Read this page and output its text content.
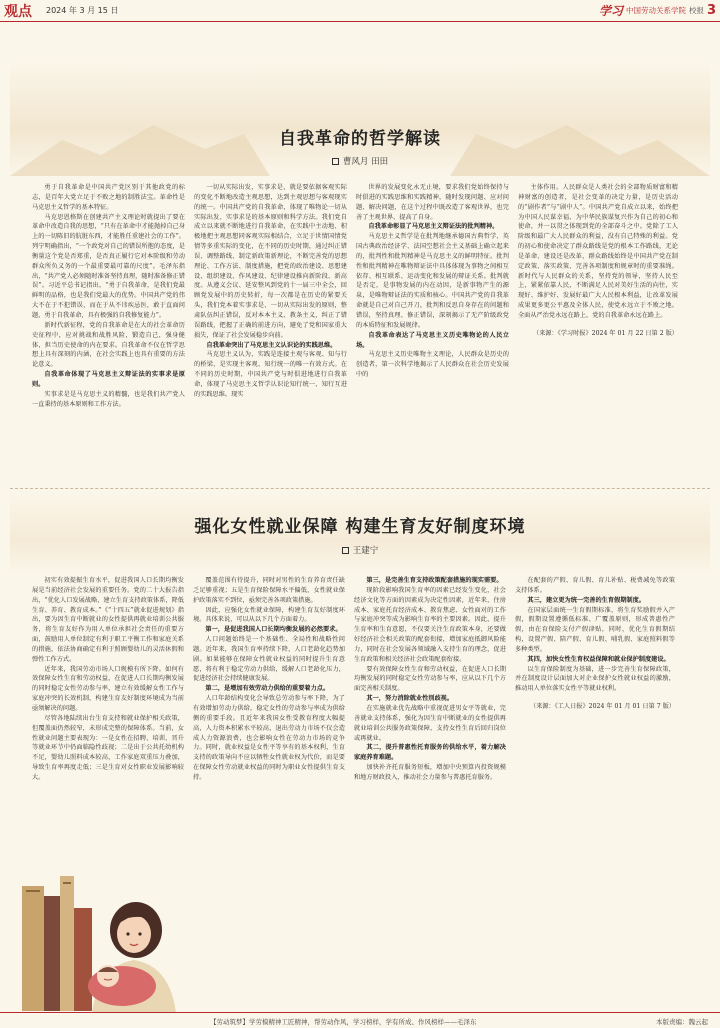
观点 2024 年 3 月 15 日	学习 中国劳动关系学院 校报 3
自我革命的哲学解读
曹风月 田田

勇于自我革命是中国共产党区别于其他政党的标志，是百年大党立足于不败之地的制胜法宝。革命性是马克思主义哲学的基本特征。

马克思恩格斯在创建共产主义理论时就提出了要在革命中改造自我的思想，“只有在革命中才能抛掉自己身上的一切陈旧的肮脏东西，才能胜任重建社会的工作”。列宁明确指出，“一个政党对自己的错误所抱的态度，是衡量这个党是否郑重，是否真正履行它对本阶级和劳动群众所负义务的一个最重要最可靠的尺度”。毛泽东指出，“共产党人必须随时准备坚持真理，随时准备修正错误”。习近平总书记指出，“勇于自我革命，是我们党最鲜明的品格，也是我们党最大的优势。中国共产党的伟大不在于不犯错误，而在于从不讳疾忌医，敢于直面问题，勇于自我革命，具有极强的自我修复能力”。

新时代新征程，党的自我革命是在大的社会革命历史征程中，应对挑战和战胜风险，锻造自己，强身健体，担当历史使命的内在要求。自我革命不仅在哲学思想上具有深刻的内涵，在社会实践上也具有重要的方法论意义。

自我革命体现了马克思主义辩证法的实事求是原则。

实事求是是马克思主义的精髓，也是我们共产党人一直秉持的基本原则和工作方法。

一切从实际出发，实事求是，就是要依据客观实际的变化不断地改造主观思想，达到主观思想与客观现实的统一。中国共产党的自我革命，体现了唯物论一切从实际出发、实事求是的基本原则和科学方法。我们党自成立以来就不断地进行自我革命，在实践中主动地、积极地把主观思想同客观实际相结合，立足于世情国情党情等多重实际的变化，在不同的历史时期，通过纠正错误、调整路线、制定新政策新理论，不断完善党的思想理论、工作方法、制度措施，把党的政治建设、思想建设、组织建设、作风建设、纪律建设推向新阶段、新高度。从遵义会议、延安整风到党的十一届三中全会，回顾党发展中的历史转折，每一次都是在历史的紧要关头，我们党本着实事求是、一切从实际出发的原则，整肃队伍纠正错误，反对本本主义、教条主义，纠正了错误路线，把握了正确的前进方向，避免了党和国家重大损失，保证了社会发展稳步向前。

自我革命突出了马克思主义认识论的实践思维。

马克思主义认为，实践是连接主观与客观、知与行的桥梁，是实现主客观、知行统一的唯一有效方式。在不同的历史时期，中国共产党与时俱进地进行自我革命，体现了马克思主义哲学认识论知行统一、知行互进的实践思维。现实

世界的发展变化永无止境，要求我们党始终保持与时俱进的实践思维和实践精神，随时发现问题、应对问题、解决问题，在这个过程中既改造了客观世界，也完善了主观世界，提高了自身。

自我革命彰显了马克思主义辩证法的批判精神。

马克思主义哲学是在批判地继承德国古典哲学、英国古典政治经济学、法国空想社会主义基础上确立起来的，批判性和批判精神是马克思主义的鲜明特征。批判性和批判精神在唯物辩证法中具体体现为事物之间相互依存、相互联系、运动变化和发展的辩证关系。批判就是否定，是事物发展的内在动因，是新事物产生的源泉，是唯物辩证法的实质和核心。中国共产党的自我革命就是自己对自己开刀，批判和反思自身存在的问题和错误，坚持真理、修正错误，深刻揭示了无产阶级政党的本质特征和发展规律。

自我革命表达了马克思主义历史唯物论的人民立场。

马克思主义历史唯物主义理论，人民群众是历史的创造者，第一次科学地揭示了人民群众在社会历史发展中的

主体作用。人民群众是人类社会的全部物质财富和精神财富的创造者，是社会变革的决定力量，是历史活动的“剧作者”与“剧中人”。中国共产党自成立以来，始终把为中国人民谋幸福、为中华民族谋复兴作为自己的初心和使命，并一以贯之体现到党的全部奋斗之中。党除了工人阶级和最广大人民群众的利益，没有自己特殊的利益。党的初心和使命决定了群众路线是党的根本工作路线，无论是革命、建设还是改革，群众路线始终是中国共产党在制定政策、落实政策、完善各项制度和规章时的重要准绳。新时代与人民群众的关系，坚持党的领导，坚持人民至上，紧紧依靠人民，不断满足人民对美好生活的向往，实现好、维护好、发展好最广大人民根本利益，让改革发展成果更多更公平惠及全体人民，使党永远立于不败之地。全面从严治党永远在路上，党的自我革命永远在路上。

（来源：《学习时报》2024 年 01 月 22 日第 2 版）

强化女性就业保障 构建生育友好制度环境
王建宁

初实有效提振生育水平，促进我国人口长期均衡发展是当前经济社会发展的重要任务。党的二十大报告指出，“优化人口发展战略，建立生育支持政策体系，降低生育、养育、教育成本。”《“十四五”就业促进规划》指出，要为因生育中断就业的女性提供再就业培训公共服务，将生育友好作为用人单位承担社会责任的重要方面，鼓励用人单位制定有利于职工平衡工作和家庭关系的措施，依法协商确定有利于照顾婴幼儿的灵活休假和弹性工作方式。

近年来，我国劳动市场人口规模有所下降。如何有效保障女性生育和劳动权益，在促进人口长期均衡发展的同时稳定女性劳动参与率，建立有效缓解女性工作与家庭冲突的长效机制，构建生育友好制度环境成为当前亟须解决的问题。

尽管各地陆续出台生育支持和就业保护相关政策，但覆盖面仍然较窄，未形成完整的保障体系。当前，女性就业问题主要表现为：一是女性在招聘、培训、晋升等就业环节中仍面临隐性歧视；二是出于公共托幼机构不足，婴幼儿照料成本较高，工作家庭双重压力叠加，导致生育率再度走低；三是生育对女性职业发展影响较大。

覆盖范围有待提升，同时对男性的生育养育责任缺乏足够重视；五是生育保险保障水平偏低，女性就业保护政策落实不到位，亟须完善各项政策措施。

因此，应强化女性就业保障，构建生育友好制度环境。具体来说，可以从以下几个方面着力。

第一，是促进我国人口长期均衡发展的必然要求。

人口问题始终是一个基础性、全局性和战略性问题。近年来，我国生育率持续下降，人口老龄化趋势加剧。如果能够在保障女性就业权益的同时提升生育意愿，将有利于稳定劳动力供给，缓解人口老龄化压力，促进经济社会持续健康发展。

第二，是增加有效劳动力供给的重要着力点。

人口年龄结构变化会导致总劳动参与率下降，为了有效增加劳动力供给，稳定女性的劳动参与率成为供给侧的重要手段。且近年来我国女性受教育程度大幅提高，人力资本积累水平较高，退出劳动力市场不仅会造成人力资源浪费，也会影响女性在劳动力市场的竞争力。同时，就业权益是女性平等享有的基本权利，生育支持的政策导向不应以牺牲女性就业权为代价，而是要在保障女性劳动就业权益的同时为职业女性提供生育支持。

第三，是完善生育支持政策配套措施的现实需要。

现阶段影响我国生育率的因素已经发生变化，社会经济文化等方面的因素成为决定性因素，近年来，住房成本、家庭托育经济成本、教育焦虑、女性面对的工作与家庭冲突等成为影响生育率的主要因素。因此，提升生育率和生育意愿，不仅要关注生育政策本身，还要做好经济社会相关政策的配套衔接，增加家庭抵御风险能力，同时在社会发展各领域融入支持生育的理念，促进生育政策和相关经济社会政策配套衔接。

要有效保障女性生育和劳动权益，在促进人口长期均衡发展的同时稳定女性劳动参与率，应从以下几个方面完善相关制度。

其一，努力消除就业性别歧视。

在实施就业优先战略中重视促进男女平等就业，完善就业支持体系，强化为因生育中断就业的女性提供再就业培训公共服务政策保障，支持女性生育后回归岗位或再就业。

其二，提升普惠性托育服务的供给水平，着力解决家庭养育难题。

加快补齐托育服务短板，增加中央预算内投资规模和地方财政投入，推动社会力量参与普惠托育服务。

在配套的产假、育儿假、育儿补贴、税费减免等政策支持体系。

其三，建立更为统一完善的生育假期制度。

在国家层面统一生育假期标准，将生育奖励假并入产假，假期设置遵循低标准、广覆盖原则，形成普惠性产假，由在育保险支付产假津贴，同时，优化生育假期结构，设置产假、陪产假、育儿假、哺乳假、家庭照料假等多种类型。

其四，加快女性生育权益保障和就业保护制度建设。

以生育保险制度为基础，进一步完善生育保障政策，并在制度设计层面加大对企业保护女性就业权益的激励，推动用人单位落实女性平等就业权利。

（来源：《工人日报》2024 年 01 月 01 日第 7 版）

【劳动筑梦】学劳模精神工匠精神，帮劳动作风，学习榜样，学有所成、作风榜样——毛泽东	本版责编：魏云起
